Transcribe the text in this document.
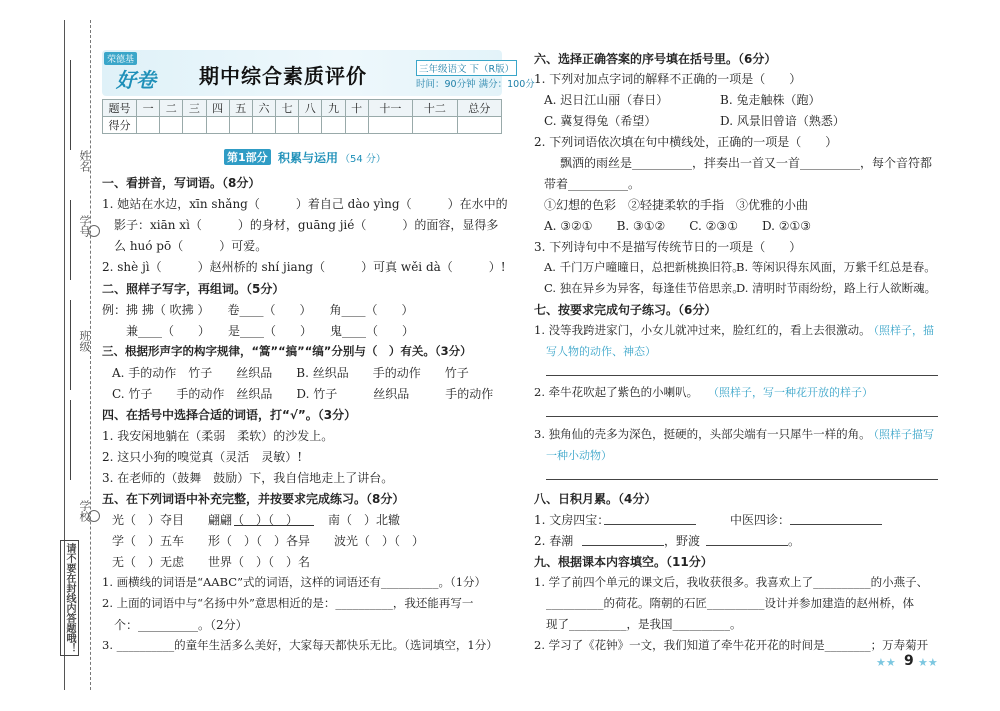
姓名
学号
班级
学校
请不要在封线内答题哦！
荣德基
好卷 期中综合素质评价	三年级语文 下（R版）
时间：90分钟 满分：100分
题号	一	二	三	四	五	六	七	八	九	十	十一	十二	总分
得分													
第1部分 积累与运用 （54 分）
一、看拼音，写词语。（8分）
1. 她站在水边，xīn shǎng（　　　）着自己 dào yìng（　　　）在水中的
影子：xiān xì（　　　）的身材，guāng jié（　　　）的面容，显得多
么 huó pō（　　　）可爱。
2. shè jì（　　　）赵州桥的 shí jiang（　　　）可真 wěi dà（　　　）!
二、照样子写字，再组词。（5分）
例：拂 拂（ 吹拂 ）　　卷____（　　）　　角____（　　）
　　兼____（　　）　　是____（　　）　　鬼____（　　）
三、根据形声字的构字规律，“篙”“搞”“缟”分别与（　）有关。（3分）
A. 手的动作　竹子　　丝织品　　B. 丝织品　　手的动作　　竹子
C. 竹子　　手的动作　丝织品　　D. 竹子　　　丝织品　　　手的动作
四、在括号中选择合适的词语，打“√”。（3分）
1. 我安闲地躺在（柔弱　柔软）的沙发上。
2. 这只小狗的嗅觉真（灵活　灵敏）!
3. 在老师的（鼓舞　鼓励）下，我自信地走上了讲台。
五、在下列词语中补充完整，并按要求完成练习。（8分）
光（　）夺目　　翩翩（　）（　）　　　南（　）北辙
学（　）五车　　形（　）（　）各异　　波光（　）（　）
无（　）无虑　　世界（　）（　）名
1. 画横线的词语是“AABC”式的词语，这样的词语还有__________。（1分）
2. 上面的词语中与“名扬中外”意思相近的是：__________，我还能再写一
个：__________。（2分）
3. __________的童年生活多么美好，大家每天都快乐无比。（选词填空，1分）
六、选择正确答案的序号填在括号里。（6分）
1. 下列对加点字词的解释不正确的一项是（　　）
A. 迟日江山丽（春日）	B. 兔走触株（跑）
C. 冀复得兔（希望）	D. 风景旧曾谙（熟悉）
2. 下列词语依次填在句中横线处，正确的一项是（　　）
飘洒的雨丝是__________，拌奏出一首又一首__________，每个音符都
带着__________。
①幻想的色彩　②轻捷柔软的手指　③优雅的小曲
A. ③②①　　B. ③①②　　C. ②③①　　D. ②①③
3. 下列诗句中不是描写传统节日的一项是（　　）
A. 千门万户曈曈日，总把新桃换旧符。
B. 等闲识得东风面，万紫千红总是春。
C. 独在异乡为异客，每逢佳节倍思亲。
D. 清明时节雨纷纷，路上行人欲断魂。
七、按要求完成句子练习。（6分）
1. 没等我跨进家门，小女儿就冲过来，脸红红的，看上去很激动。
（照样子，描
写人物的动作、神态）
2. 牵牛花吹起了紫色的小喇叭。 （照样子，写一种花开放的样子）
3. 独角仙的壳多为深色，挺硬的，头部尖端有一只犀牛一样的角。
（照样子描写
一种小动物）
八、日积月累。（4分）
1. 文房四宝：	中医四诊：
2. 春潮	，野渡	。
九、根据课本内容填空。（11分）
1. 学了前四个单元的课文后，我收获很多。我喜欢上了__________的小燕子、
__________的荷花。隋朝的石匠__________设计并参加建造的赵州桥，体
现了__________，是我国__________。
2. 学习了《花钟》一文，我们知道了牵牛花开花的时间是________；万寿菊开
★★ 9 ★★
